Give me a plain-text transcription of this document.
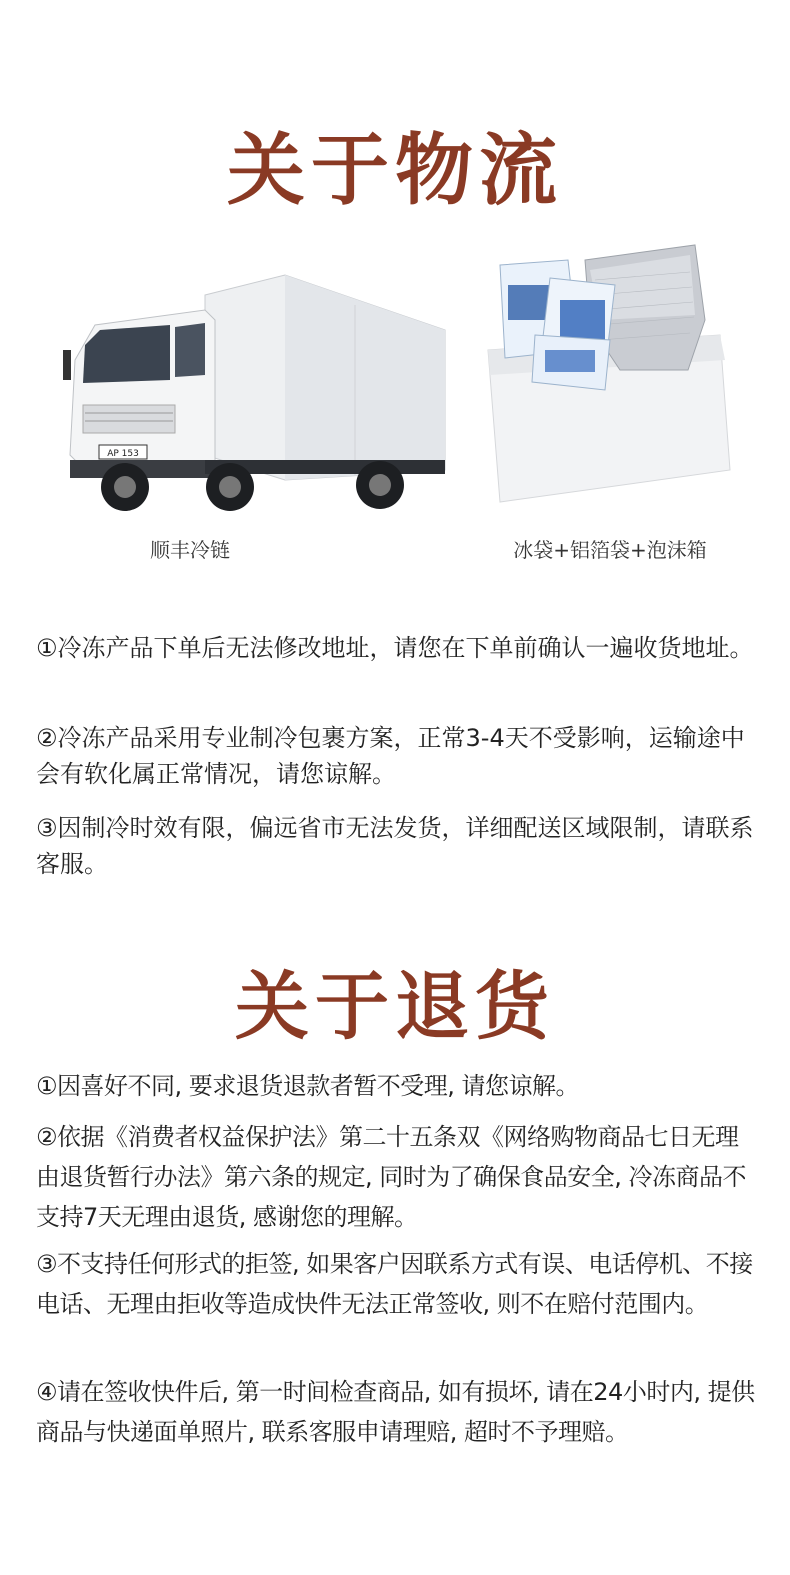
关于物流
AP 153
顺丰冷链	冰袋+铝箔袋+泡沫箱
①冷冻产品下单后无法修改地址，请您在下单前确认一遍收货地址。
②冷冻产品采用专业制冷包裹方案，正常3-4天不受影响，运输途中会有软化属正常情况，请您谅解。
③因制冷时效有限，偏远省市无法发货，详细配送区域限制，请联系客服。
关于退货
①因喜好不同, 要求退货退款者暂不受理, 请您谅解。
②依据《消费者权益保护法》第二十五条双《网络购物商品七日无理由退货暂行办法》第六条的规定, 同时为了确保食品安全, 冷冻商品不支持7天无理由退货, 感谢您的理解。
③不支持任何形式的拒签, 如果客户因联系方式有误、电话停机、不接电话、无理由拒收等造成快件无法正常签收, 则不在赔付范围内。
④请在签收快件后, 第一时间检查商品, 如有损坏, 请在24小时内, 提供商品与快递面单照片, 联系客服申请理赔, 超时不予理赔。
